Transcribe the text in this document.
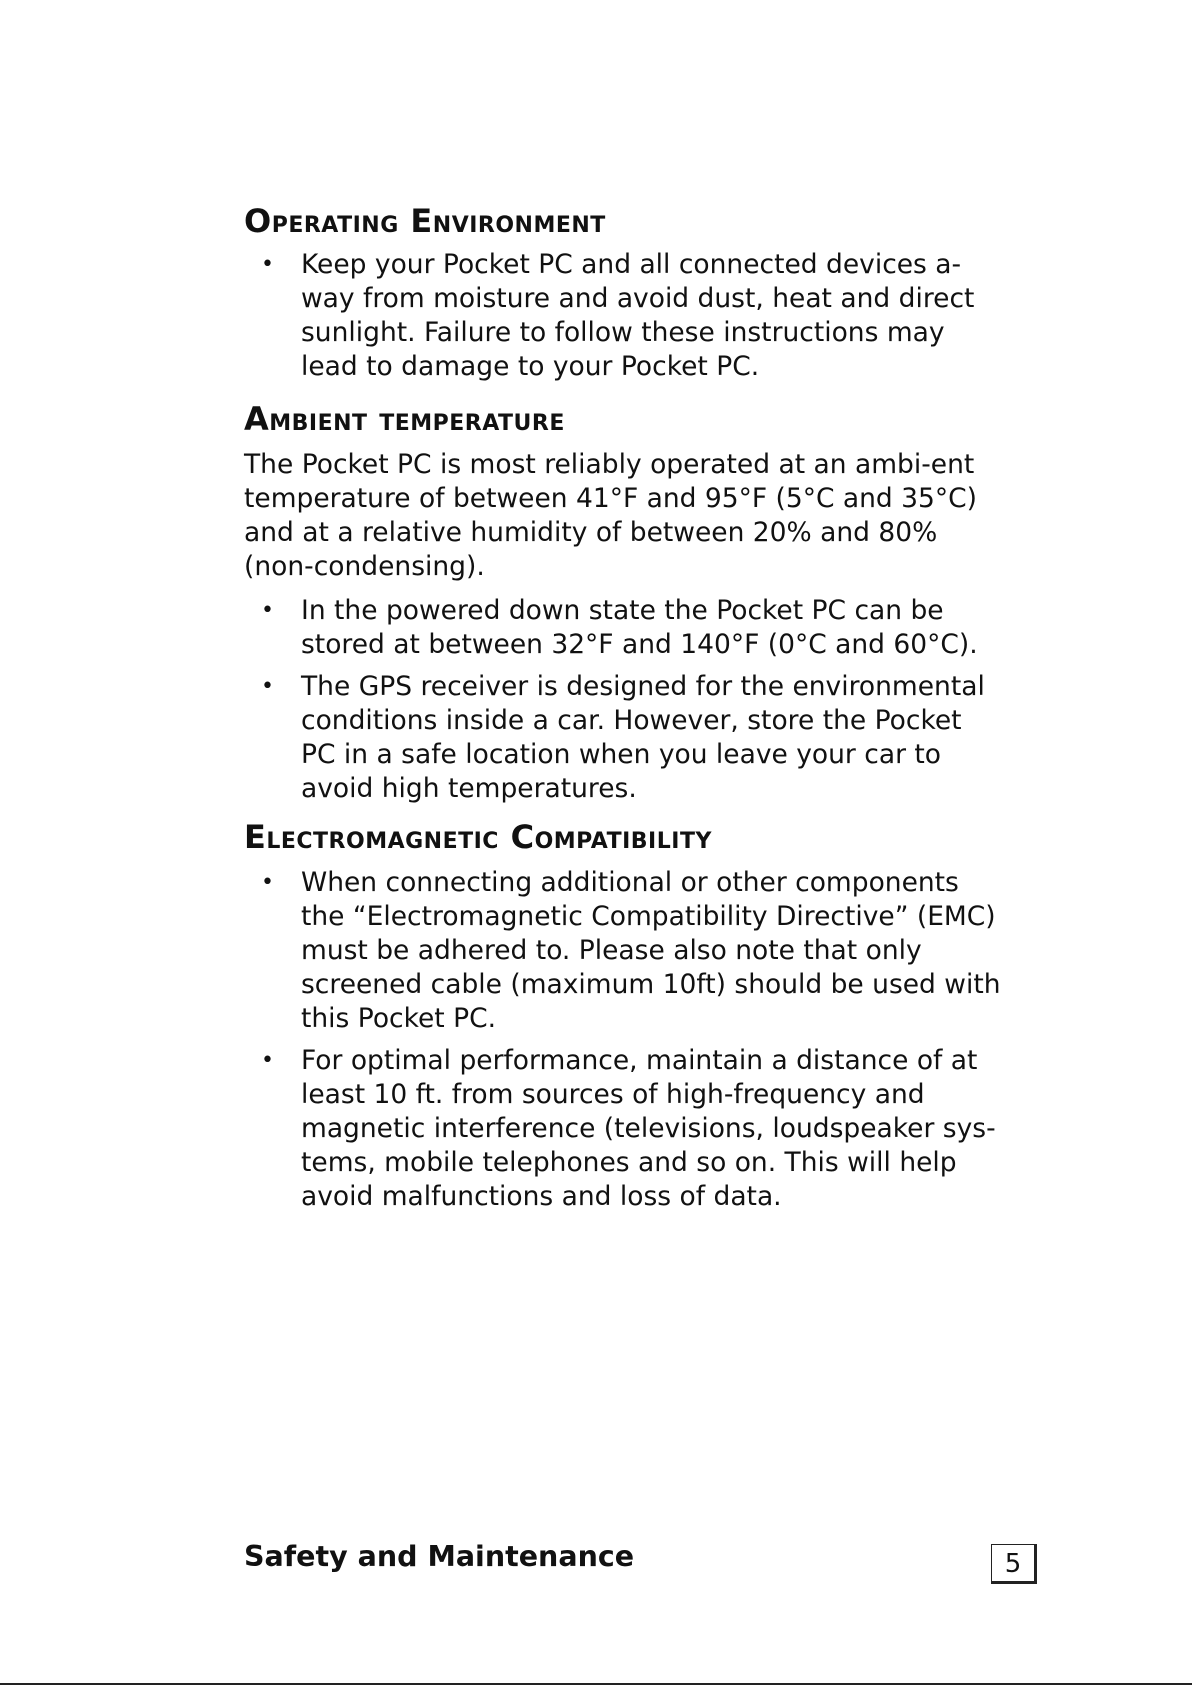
Operating Environment
• Keep your Pocket PC and all connected devices a-way from moisture and avoid dust, heat and direct sunlight. Failure to follow these instructions may lead to damage to your Pocket PC.
Ambient temperature

The Pocket PC is most reliably operated at an ambi-ent temperature of between 41°F and 95°F (5°C and 35°C) and at a relative humidity of between 20% and 80% (non-condensing).

• In the powered down state the Pocket PC can be stored at between 32°F and 140°F (0°C and 60°C).
• The GPS receiver is designed for the environmental conditions inside a car. However, store the Pocket PC in a safe location when you leave your car to avoid high temperatures.
Electromagnetic Compatibility
• When connecting additional or other components the “Electromagnetic Compatibility Directive” (EMC) must be adhered to. Please also note that only screened cable (maximum 10ft) should be used with this Pocket PC.
• For optimal performance, maintain a distance of at least 10 ft. from sources of high-frequency and magnetic interference (televisions, loudspeaker sys-tems, mobile telephones and so on. This will help avoid malfunctions and loss of data.
Safety and Maintenance	5
